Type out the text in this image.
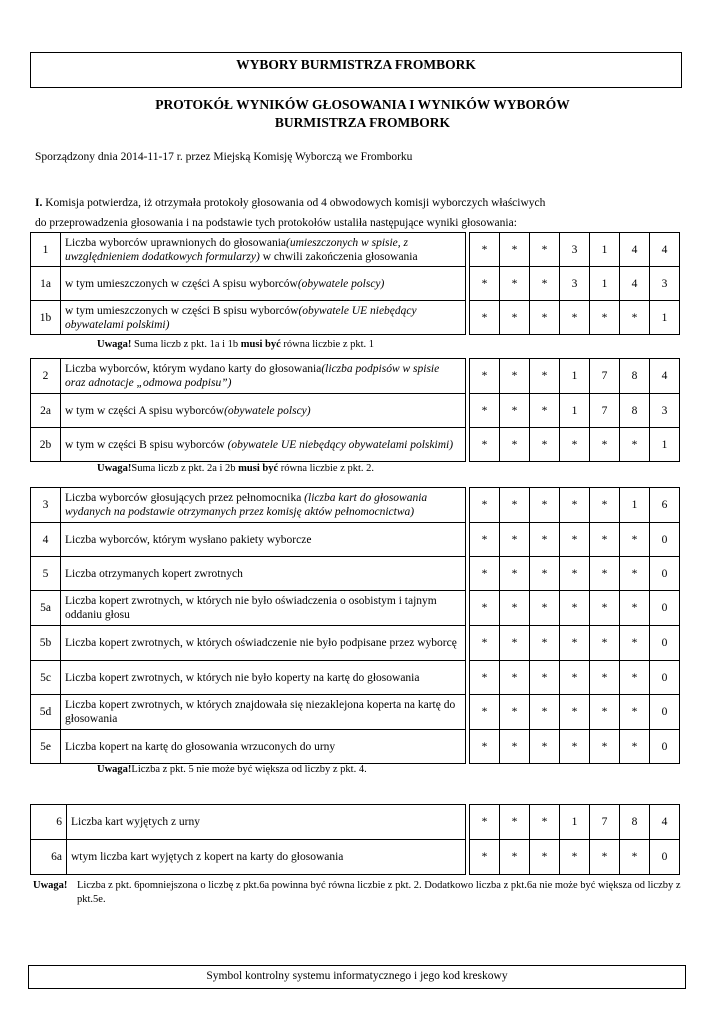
WYBORY BURMISTRZA FROMBORK
PROTOKÓŁ WYNIKÓW GŁOSOWANIA I WYNIKÓW WYBORÓW
BURMISTRZA FROMBORK
Sporządzony dnia 2014-11-17 r. przez Miejską Komisję Wyborczą we Fromborku
I. Komisja potwierdza, iż otrzymała protokoły głosowania od 4 obwodowych komisji wyborczych właściwych
do przeprowadzenia głosowania i na podstawie tych protokołów ustaliła następujące wyniki głosowania:
1	Liczba wyborców uprawnionych do głosowania(umieszczonych w spisie, z uwzględnieniem dodatkowych formularzy) w chwili zakończenia głosowania		*	*	*	3	1	4	4
1a	w tym umieszczonych w części A spisu wyborców(obywatele polscy)		*	*	*	3	1	4	3
1b	w tym umieszczonych w części B spisu wyborców(obywatele UE niebędący obywatelami polskimi)		*	*	*	*	*	*	1
Uwaga! Suma liczb z pkt. 1a i 1b musi być równa liczbie z pkt. 1
2	Liczba wyborców, którym wydano karty do głosowania(liczba podpisów w spisie oraz adnotacje „odmowa podpisu”)		*	*	*	1	7	8	4
2a	w tym w części A spisu wyborców(obywatele polscy)		*	*	*	1	7	8	3
2b	w tym w części B spisu wyborców (obywatele UE niebędący obywatelami polskimi)		*	*	*	*	*	*	1
Uwaga!Suma liczb z pkt. 2a i 2b musi być równa liczbie z pkt. 2.
3	Liczba wyborców głosujących przez pełnomocnika (liczba kart do głosowania wydanych na podstawie otrzymanych przez komisję aktów pełnomocnictwa)		*	*	*	*	*	1	6
4	Liczba wyborców, którym wysłano pakiety wyborcze		*	*	*	*	*	*	0
5	Liczba otrzymanych kopert zwrotnych		*	*	*	*	*	*	0
5a	Liczba kopert zwrotnych, w których nie było oświadczenia o osobistym i tajnym oddaniu głosu		*	*	*	*	*	*	0
5b	Liczba kopert zwrotnych, w których oświadczenie nie było podpisane przez wyborcę		*	*	*	*	*	*	0
5c	Liczba kopert zwrotnych, w których nie było koperty na kartę do głosowania		*	*	*	*	*	*	0
5d	Liczba kopert zwrotnych, w których znajdowała się niezaklejona koperta na kartę do głosowania		*	*	*	*	*	*	0
5e	Liczba kopert na kartę do głosowania wrzuconych do urny		*	*	*	*	*	*	0
Uwaga!Liczba z pkt. 5 nie może być większa od liczby z pkt. 4.
6	Liczba kart wyjętych z urny		*	*	*	1	7	8	4
6a	wtym liczba kart wyjętych z kopert na karty do głosowania		*	*	*	*	*	*	0
Uwaga! Liczba z pkt. 6pomniejszona o liczbę z pkt.6a powinna być równa liczbie z pkt. 2. Dodatkowo liczba z pkt.6a nie może być większa od liczby z pkt.5e.
Symbol kontrolny systemu informatycznego i jego kod kreskowy
